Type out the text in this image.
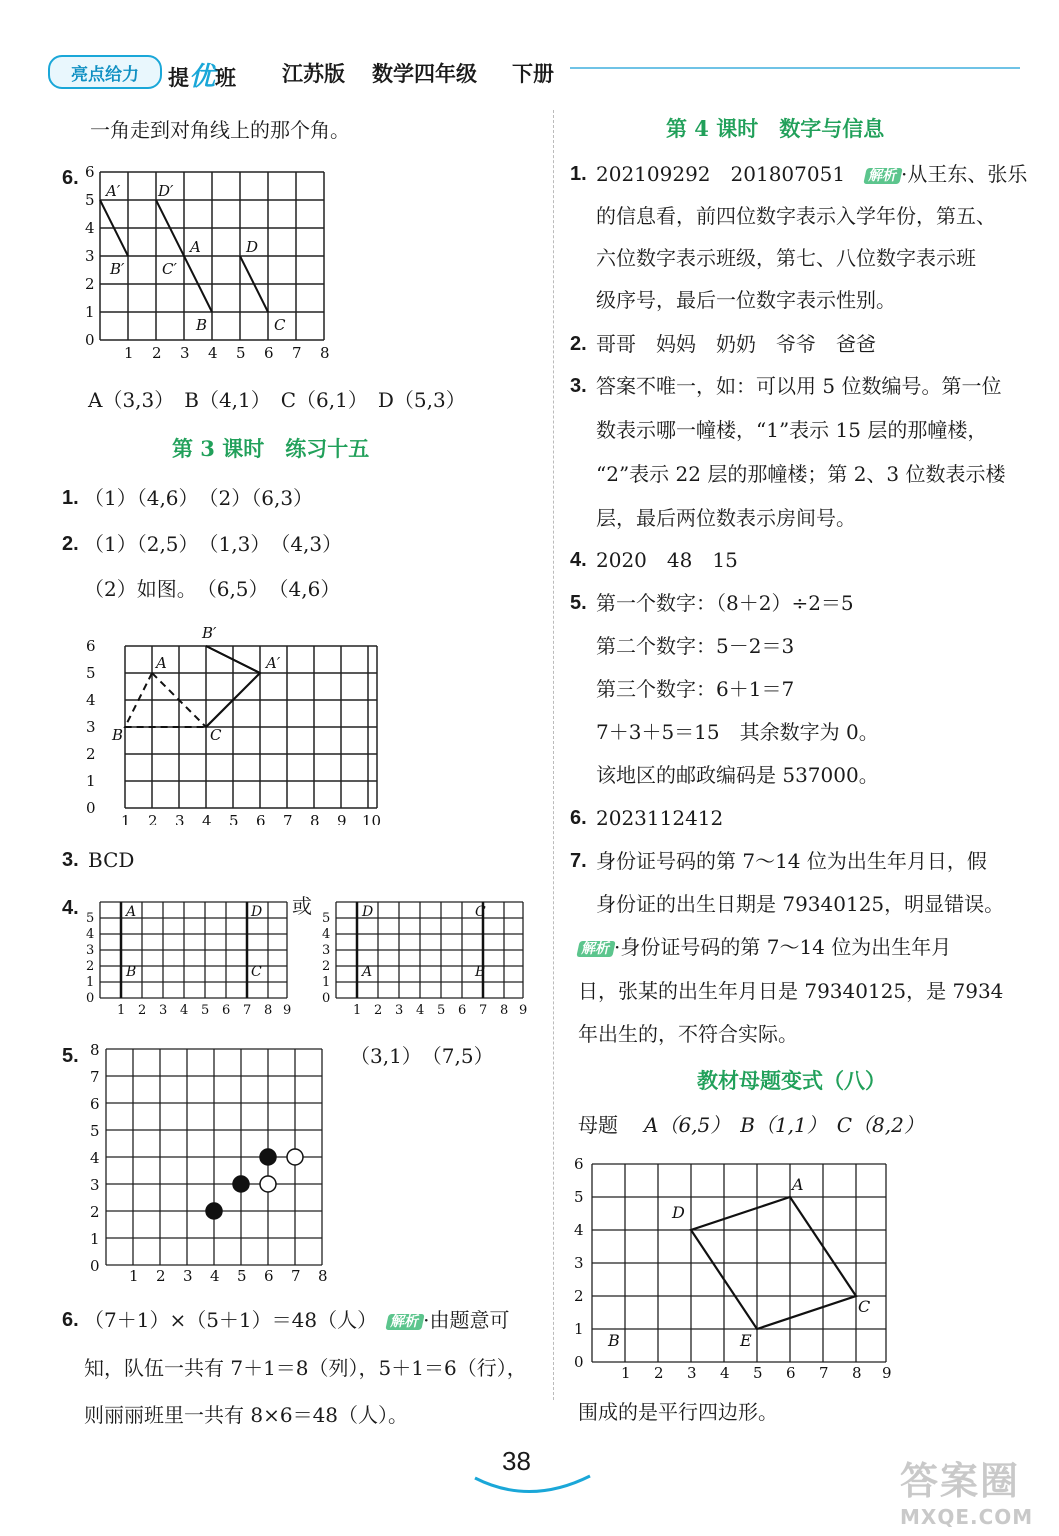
亮点给力	提优班 江苏版 数学四年级 下册
一角走到对角线上的那个角。
6.
0
1
2
3
4
5
6
1 2 3 4 5 6 7 8
A′	D′
A	D
B′	C′
B	C
A（3,3）　B（4,1）　C（6,1）　D（5,3）
第 3 课时　练习十五
1. （1）（4,6）　（2）（6,3）
2. （1）（2,5）　（1,3）　（4,3）
（2）如图。　（6,5）　（4,6）
0
1
2
3
4
5
6
1 2 3 4 5 6 7 8 9 10
B′
A	A′
B	C
3. BCD
4.
0
1
2
3
4
5
1 2 3 4 5 6 7 8 9
A	D
B	C
或
0
1
2
3
4
5
1 2 3 4 5 6 7 8 9
D	C
A	B
5.
0
1
2
3
4
5
6
7
8
1 2 3 4 5 6 7 8
（3,1）　（7,5）
6. （7＋1）×（5＋1）＝48（人）　 解析 ·由题意可
知，队伍一共有 7＋1＝8（列），5＋1＝6（行），
则丽丽班里一共有 8×6＝48（人）。
第 4 课时　数字与信息
1. 202109292　201807051　 解析 ·从王东、张乐
的信息看，前四位数字表示入学年份，第五、
六位数字表示班级，第七、八位数字表示班
级序号，最后一位数字表示性别。
2. 哥哥　妈妈　奶奶　爷爷　爸爸
3. 答案不唯一，如：可以用 5 位数编号。第一位
数表示哪一幢楼，“1”表示 15 层的那幢楼，
“2”表示 22 层的那幢楼；第 2、3 位数表示楼
层，最后两位数表示房间号。
4. 2020　48　15
5. 第一个数字：（8＋2）÷2＝5
第二个数字：5－2＝3
第三个数字：6＋1＝7
7＋3＋5＝15　其余数字为 0。
该地区的邮政编码是 537000。
6. 2023112412
7. 身份证号码的第 7～14 位为出生年月日，假
身份证的出生日期是 79340125，明显错误。
解析 ·身份证号码的第 7～14 位为出生年月
日，张某的出生年月日是 79340125，是 7934
年出生的，不符合实际。
教材母题变式（八）
母题 A（6,5）　B（1,1）　C（8,2）
0
1
2
3
4
5
6
1 2 3 4 5 6 7 8 9
A
D
C
B	E
围成的是平行四边形。
38	答案圈
MXQE.COM
